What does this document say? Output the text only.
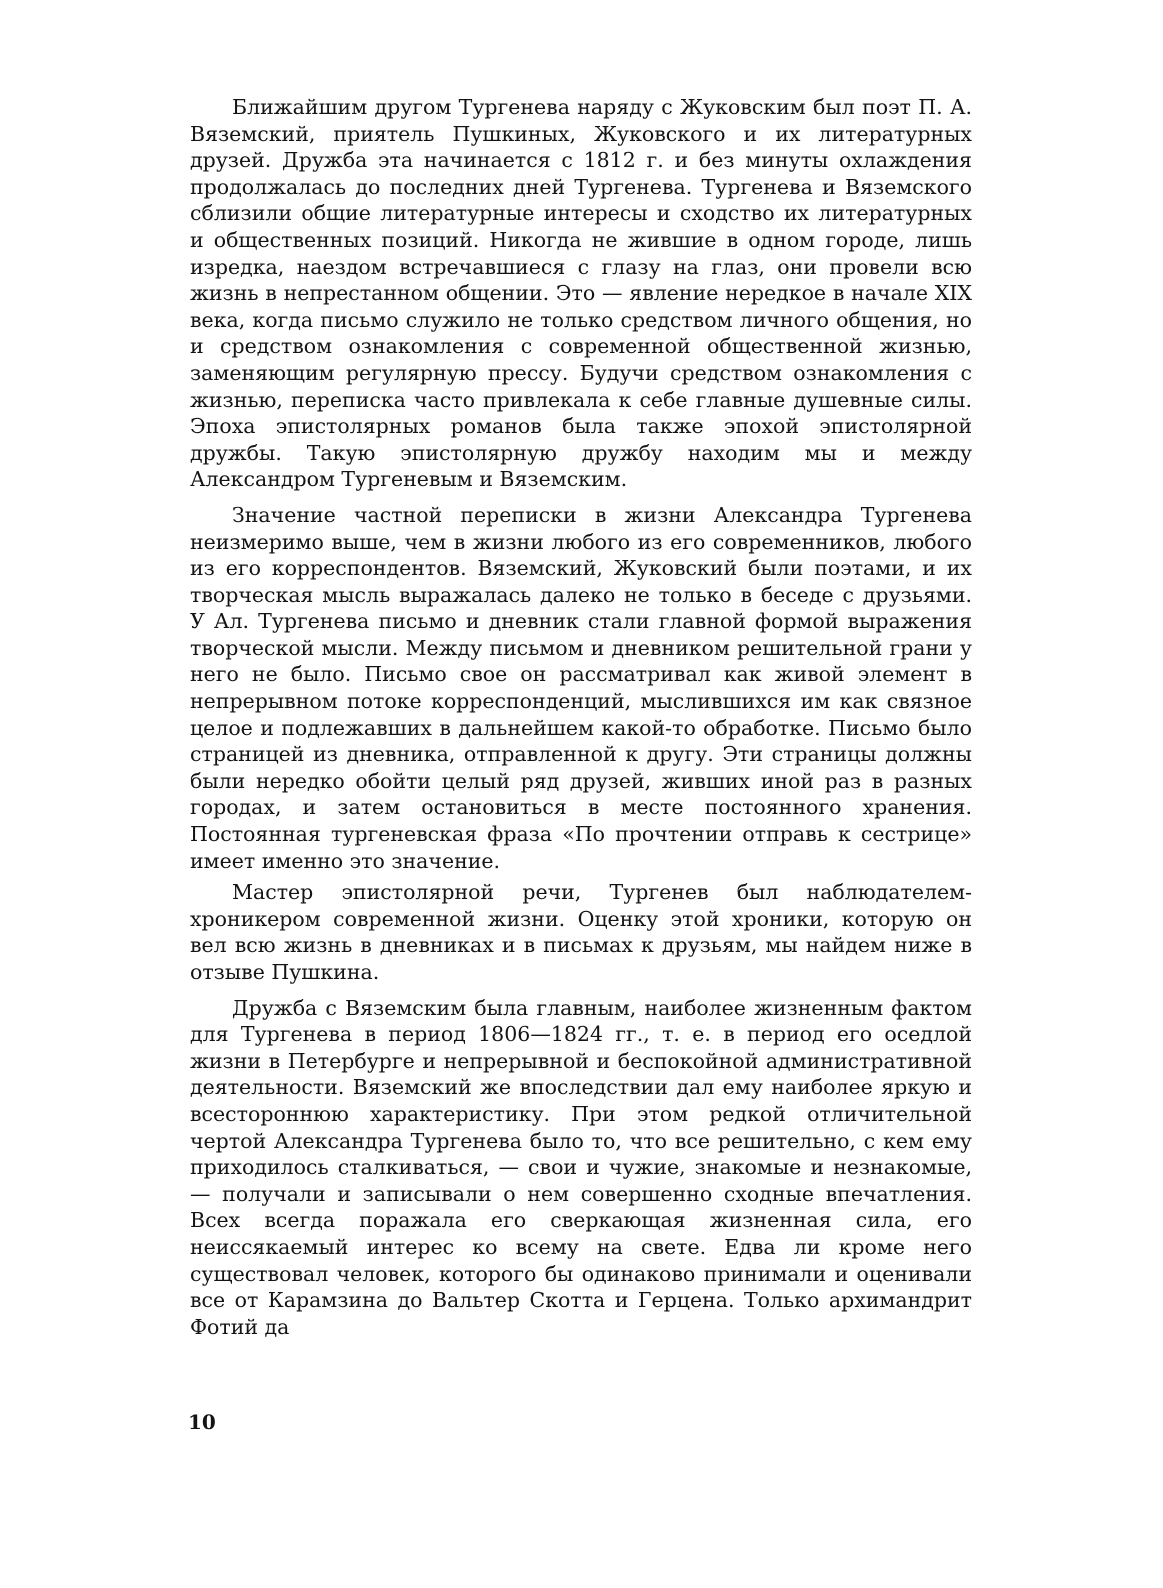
Ближайшим другом Тургенева наряду с Жуковским был поэт П. А. Вяземский, приятель Пушкиных, Жуковского и их литературных друзей. Дружба эта начинается с 1812 г. и без минуты охлаждения продолжалась до последних дней Тургенева. Тургенева и Вяземского сблизили общие литературные интересы и сходство их литературных и общественных позиций. Никогда не жившие в одном городе, лишь изредка, наездом встречавшиеся с глазу на глаз, они провели всю жизнь в непрестанном общении. Это — явление нередкое в начале XIX века, когда письмо служило не только средством личного общения, но и средством ознакомления с современной общественной жизнью, заменяющим регулярную прессу. Будучи средством ознакомления с жизнью, переписка часто привлекала к себе главные душевные силы. Эпоха эпистолярных романов была также эпохой эпистолярной дружбы. Такую эпистолярную дружбу находим мы и между Александром Тургеневым и Вяземским.

Значение частной переписки в жизни Александра Тургенева неизмеримо выше, чем в жизни любого из его современников, любого из его корреспондентов. Вяземский, Жуковский были поэтами, и их творческая мысль выражалась далеко не только в беседе с друзьями. У Ал. Тургенева письмо и дневник стали главной формой выражения творческой мысли. Между письмом и дневником решительной грани у него не было. Письмо свое он рассматривал как живой элемент в непрерывном потоке корреспонденций, мыслившихся им как связное целое и подлежавших в дальнейшем какой-то обработке. Письмо было страницей из дневника, отправленной к другу. Эти страницы должны были нередко обойти целый ряд друзей, живших иной раз в разных городах, и затем остановиться в месте постоянного хранения. Постоянная тургеневская фраза «По прочтении отправь к сестрице» имеет именно это значение.

Мастер эпистолярной речи, Тургенев был наблюдателем-хроникером современной жизни. Оценку этой хроники, которую он вел всю жизнь в дневниках и в письмах к друзьям, мы найдем ниже в отзыве Пушкина.

Дружба с Вяземским была главным, наиболее жизненным фактом для Тургенева в период 1806—1824 гг., т. е. в период его оседлой жизни в Петербурге и непрерывной и беспокойной административной деятельности. Вяземский же впоследствии дал ему наиболее яркую и всестороннюю характеристику. При этом редкой отличительной чертой Александра Тургенева было то, что все решительно, с кем ему приходилось сталкиваться, — свои и чужие, знакомые и незнакомые, — получали и записывали о нем совершенно сходные впечатления. Всех всегда поражала его сверкающая жизненная сила, его неиссякаемый интерес ко всему на свете. Едва ли кроме него существовал человек, которого бы одинаково принимали и оценивали все от Карамзина до Вальтер Скотта и Герцена. Только архимандрит Фотий да

10
